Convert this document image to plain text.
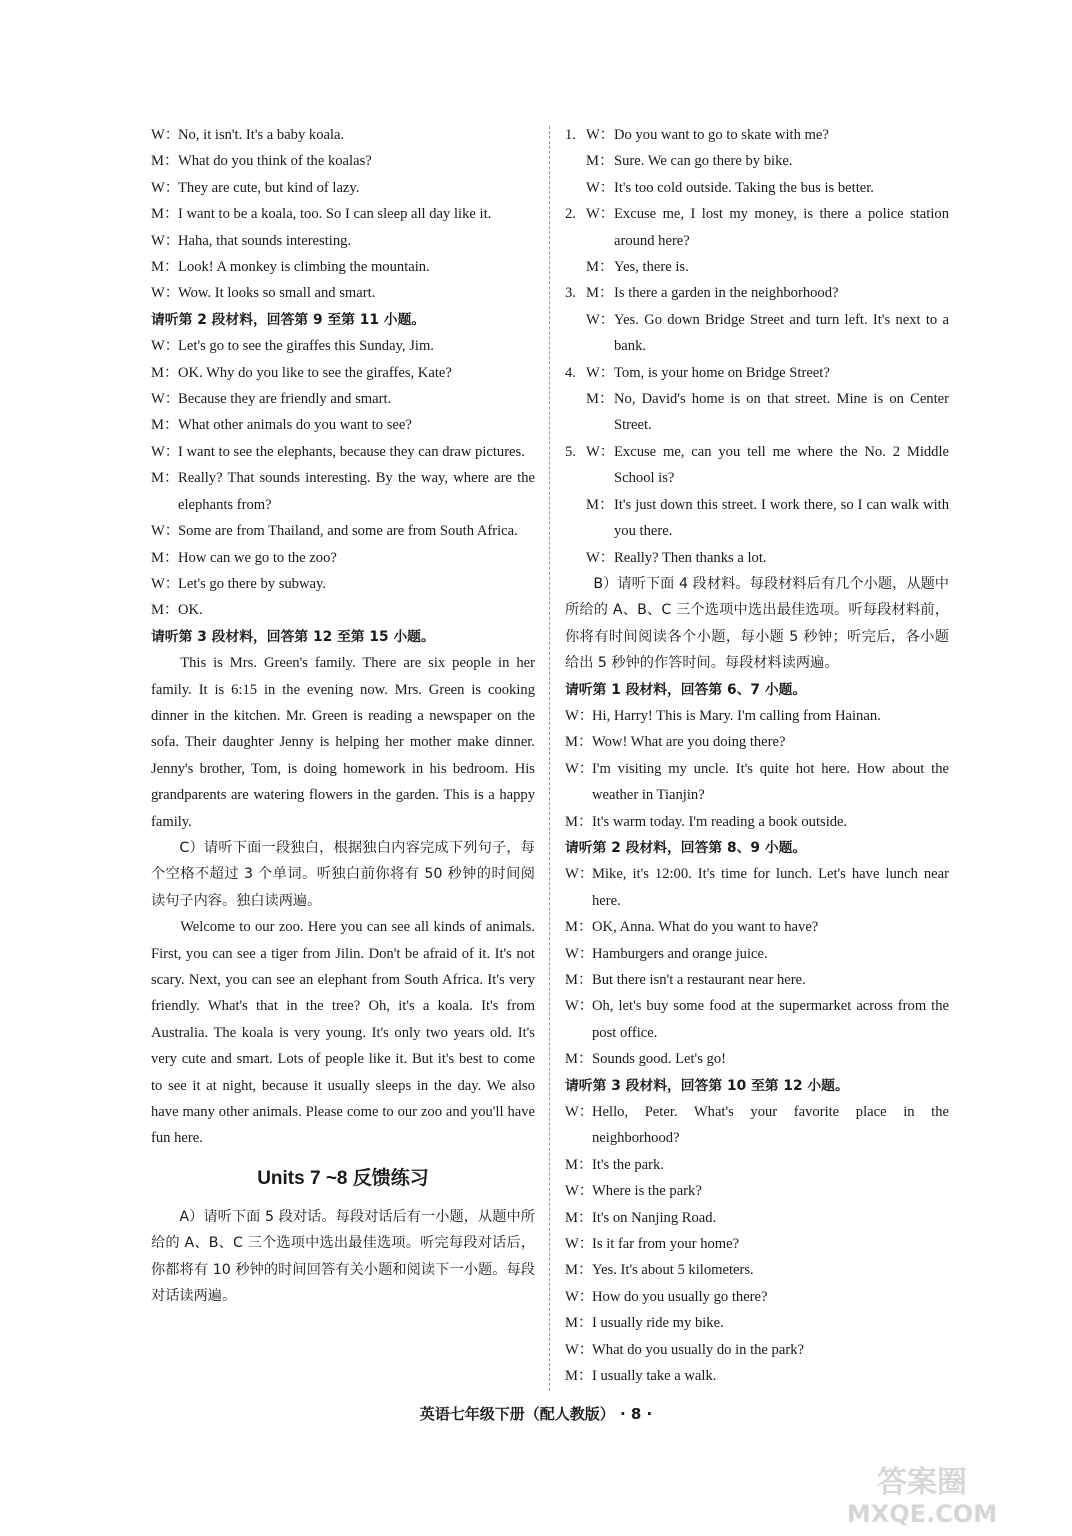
W：
No, it isn't. It's a baby koala.
M： What do you think of the koalas?
W：
They are cute, but kind of lazy.
M： I want to be a koala, too. So I can sleep all day like it.
W：
Haha, that sounds interesting.
M： Look! A monkey is climbing the mountain.
W：
Wow. It looks so small and smart.
请听第 2 段材料，回答第 9 至第 11 小题。
W：
Let's go to see the giraffes this Sunday, Jim.
M： OK. Why do you like to see the giraffes, Kate?
W：
Because they are friendly and smart.
M： What other animals do you want to see?
W：
I want to see the elephants, because they can draw pictures.
M： Really? That sounds interesting. By the way, where are the elephants from?
W：
Some are from Thailand, and some are from South Africa.
M： How can we go to the zoo?
W：
Let's go there by subway.
M： OK.
请听第 3 段材料，回答第 12 至第 15 小题。
This is Mrs. Green's family. There are six people in her family. It is 6:15 in the evening now. Mrs. Green is cooking dinner in the kitchen. Mr. Green is reading a newspaper on the sofa. Their daughter Jenny is helping her mother make dinner. Jenny's brother, Tom, is doing homework in his bedroom. His grandparents are watering flowers in the garden. This is a happy family.
C）请听下面一段独白，根据独白内容完成下列句子，每个空格不超过 3 个单词。听独白前你将有 50 秒钟的时间阅读句子内容。独白读两遍。
Welcome to our zoo. Here you can see all kinds of animals. First, you can see a tiger from Jilin. Don't be afraid of it. It's not scary. Next, you can see an elephant from South Africa. It's very friendly. What's that in the tree? Oh, it's a koala. It's from Australia. The koala is very young. It's only two years old. It's very cute and smart. Lots of people like it. But it's best to come to see it at night, because it usually sleeps in the day. We also have many other animals. Please come to our zoo and you'll have fun here.
Units 7 ~8 反馈练习
A）请听下面 5 段对话。每段对话后有一小题，从题中所给的 A、B、C 三个选项中选出最佳选项。听完每段对话后，你都将有 10 秒钟的时间回答有关小题和阅读下一小题。每段对话读两遍。
1. W： Do you want to go to skate with me?
M： Sure. We can go there by bike.
W： It's too cold outside. Taking the bus is better.
2. W： Excuse me, I lost my money, is there a police station around here?
M： Yes, there is.
3. M： Is there a garden in the neighborhood?
W： Yes. Go down Bridge Street and turn left. It's next to a bank.
4. W： Tom, is your home on Bridge Street?
M： No, David's home is on that street. Mine is on Center Street.
5. W： Excuse me, can you tell me where the No. 2 Middle School is?
M： It's just down this street. I work there, so I can walk with you there.
W： Really? Then thanks a lot.
B）请听下面 4 段材料。每段材料后有几个小题，从题中所给的 A、B、C 三个选项中选出最佳选项。听每段材料前，你将有时间阅读各个小题，每小题 5 秒钟；听完后，各小题给出 5 秒钟的作答时间。每段材料读两遍。
请听第 1 段材料，回答第 6、7 小题。
W：
Hi, Harry! This is Mary. I'm calling from Hainan.
M： Wow! What are you doing there?
W：
I'm visiting my uncle. It's quite hot here. How about the weather in Tianjin?
M： It's warm today. I'm reading a book outside.
请听第 2 段材料，回答第 8、9 小题。
W：
Mike, it's 12:00. It's time for lunch. Let's have lunch near here.
M： OK, Anna. What do you want to have?
W：
Hamburgers and orange juice.
M： But there isn't a restaurant near here.
W：
Oh, let's buy some food at the supermarket across from the post office.
M： Sounds good. Let's go!
请听第 3 段材料，回答第 10 至第 12 小题。
W：
Hello, Peter. What's your favorite place in the neighborhood?
M： It's the park.
W：
Where is the park?
M： It's on Nanjing Road.
W：
Is it far from your home?
M： Yes. It's about 5 kilometers.
W：
How do you usually go there?
M： I usually ride my bike.
W：
What do you usually do in the park?
M： I usually take a walk.
英语七年级下册（配人教版） · 8 ·
答案圈
MXQE.COM
